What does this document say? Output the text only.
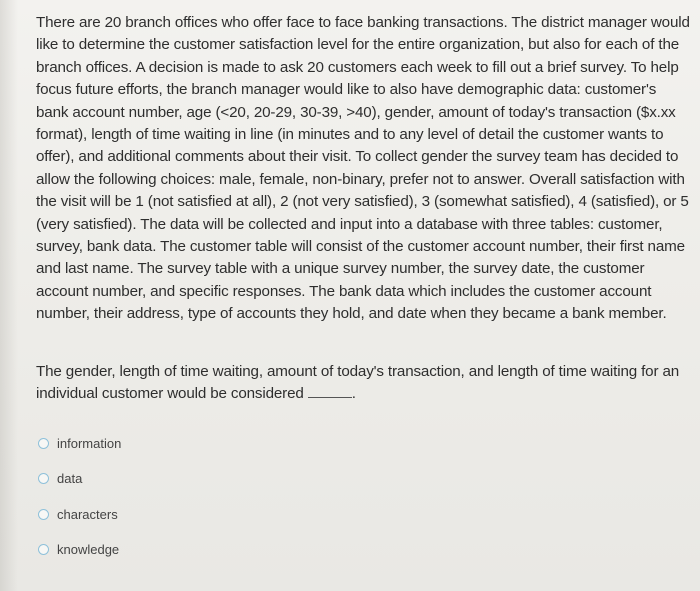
There are 20 branch offices who offer face to face banking transactions. The district manager would like to determine the customer satisfaction level for the entire organization, but also for each of the branch offices. A decision is made to ask 20 customers each week to fill out a brief survey. To help focus future efforts, the branch manager would like to also have demographic data: customer's bank account number, age (<20, 20-29, 30-39, >40), gender, amount of today's transaction ($x.xx format), length of time waiting in line (in minutes and to any level of detail the customer wants to offer), and additional comments about their visit. To collect gender the survey team has decided to allow the following choices: male, female, non-binary, prefer not to answer. Overall satisfaction with the visit will be 1 (not satisfied at all), 2 (not very satisfied), 3 (somewhat satisfied), 4 (satisfied), or 5 (very satisfied). The data will be collected and input into a database with three tables: customer, survey, bank data. The customer table will consist of the customer account number, their first name and last name. The survey table with a unique survey number, the survey date, the customer account number, and specific responses. The bank data which includes the customer account number, their address, type of accounts they hold, and date when they became a bank member.
The gender, length of time waiting, amount of today's transaction, and length of time waiting for an individual customer would be considered	.
information
data
characters
knowledge
